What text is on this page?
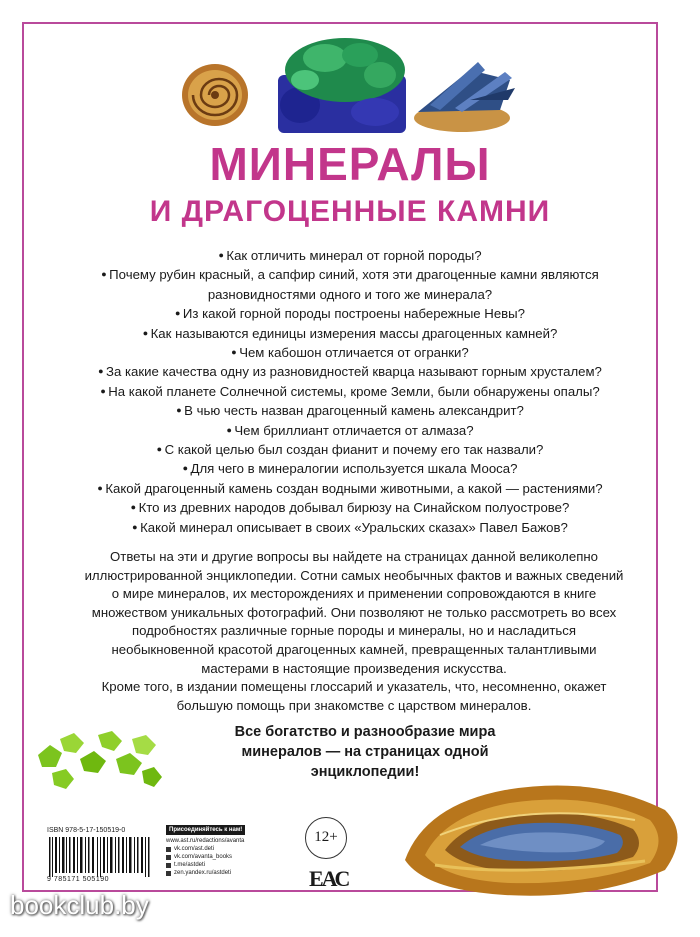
МИНЕРАЛЫ
И ДРАГОЦЕННЫЕ КАМНИ
● Как отличить минерал от горной породы?
● Почему рубин красный, а сапфир синий, хотя эти драгоценные камни являются разновидностями одного и того же минерала?
● Из какой горной породы построены набережные Невы?
● Как называются единицы измерения массы драгоценных камней?
● Чем кабошон отличается от огранки?
● За какие качества одну из разновидностей кварца называют горным хрусталем?
● На какой планете Солнечной системы, кроме Земли, были обнаружены опалы?
● В чью честь назван драгоценный камень александрит?
● Чем бриллиант отличается от алмаза?
● С какой целью был создан фианит и почему его так назвали?
● Для чего в минералогии используется шкала Мооса?
● Какой драгоценный камень создан водными животными, а какой — растениями?
● Кто из древних народов добывал бирюзу на Синайском полуострове?
● Какой минерал описывает в своих «Уральских сказах» Павел Бажов?

Ответы на эти и другие вопросы вы найдете на страницах данной великолепно иллюстрированной энциклопедии. Сотни самых необычных фактов и важных сведений о мире минералов, их месторождениях и применении сопровождаются в книге множеством уникальных фотографий. Они позволяют не только рассмотреть во всех подробностях различные горные породы и минералы, но и насладиться необыкновенной красотой драгоценных камней, превращенных талантливыми мастерами в настоящие произведения искусства.

Кроме того, в издании помещены глоссарий и указатель, что, несомненно, окажет большую помощь при знакомстве с царством минералов.

Все богатство и разнообразие мира минералов — на страницах одной энциклопедии!
ISBN 978-5-17-150519-0
9 785171 505190
Присоединяйтесь к нам!
www.ast.ru/redactions/avanta
vk.com/ast.deti
vk.com/avanta_books
t.me/astdeti
zen.yandex.ru/astdeti
12+
ЕАС
bookclub.by
